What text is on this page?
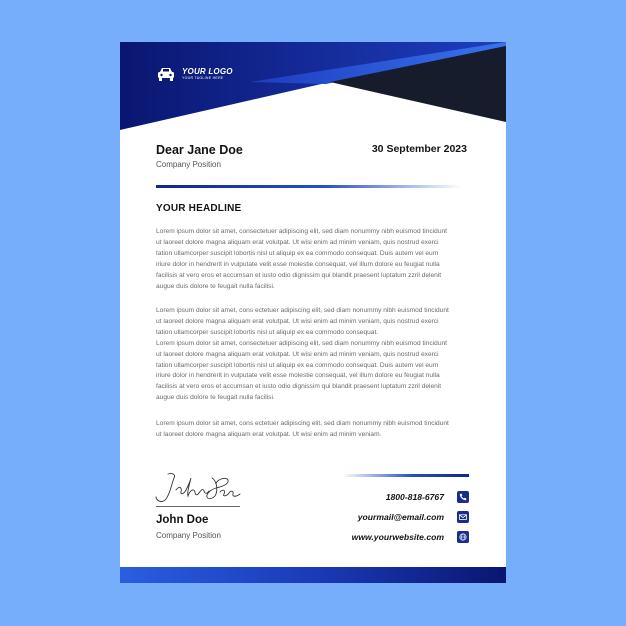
YOUR LOGO
YOUR TAGLINE HERE
Dear Jane Doe
Company Position
30 September 2023
YOUR HEADLINE

Lorem ipsum dolor sit amet, consectetuer adipiscing elit, sed diam nonummy nibh euismod tincidunt
ut laoreet dolore magna aliquam erat volutpat. Ut wisi enim ad minim veniam, quis nostrud exerci
tation ullamcorper suscipit lobortis nisl ut aliquip ex ea commodo consequat. Duis autem vel eum
iriure dolor in hendrerit in vulputate velit esse molestie consequat, vel illum dolore eu feugiat nulla
facilisis at vero eros et accumsan et iusto odio dignissim qui blandit praesent luptatum zzril delenit
augue duis dolore te feugait nulla facilisi.

Lorem ipsum dolor sit amet, cons ectetuer adipiscing elit, sed diam nonummy nibh euismod tincidunt
ut laoreet dolore magna aliquam erat volutpat. Ut wisi enim ad minim veniam, quis nostrud exerci
tation ullamcorper suscipit lobortis nisl ut aliquip ex ea commodo consequat.
Lorem ipsum dolor sit amet, consectetuer adipiscing elit, sed diam nonummy nibh euismod tincidunt
ut laoreet dolore magna aliquam erat volutpat. Ut wisi enim ad minim veniam, quis nostrud exerci
tation ullamcorper suscipit lobortis nisl ut aliquip ex ea commodo consequat. Duis autem vel eum
iriure dolor in hendrerit in vulputate velit esse molestie consequat, vel illum dolore eu feugiat nulla
facilisis at vero eros et accumsan et iusto odio dignissim qui blandit praesent luptatum zzril delenit
augue duis dolore te feugait nulla facilisi.

Lorem ipsum dolor sit amet, cons ectetuer adipiscing elit, sed diam nonummy nibh euismod tincidunt
ut laoreet dolore magna aliquam erat volutpat. Ut wisi enim ad minim veniam.

John Doe
Company Position
1800-818-6767
yourmail@email.com
www.yourwebsite.com
